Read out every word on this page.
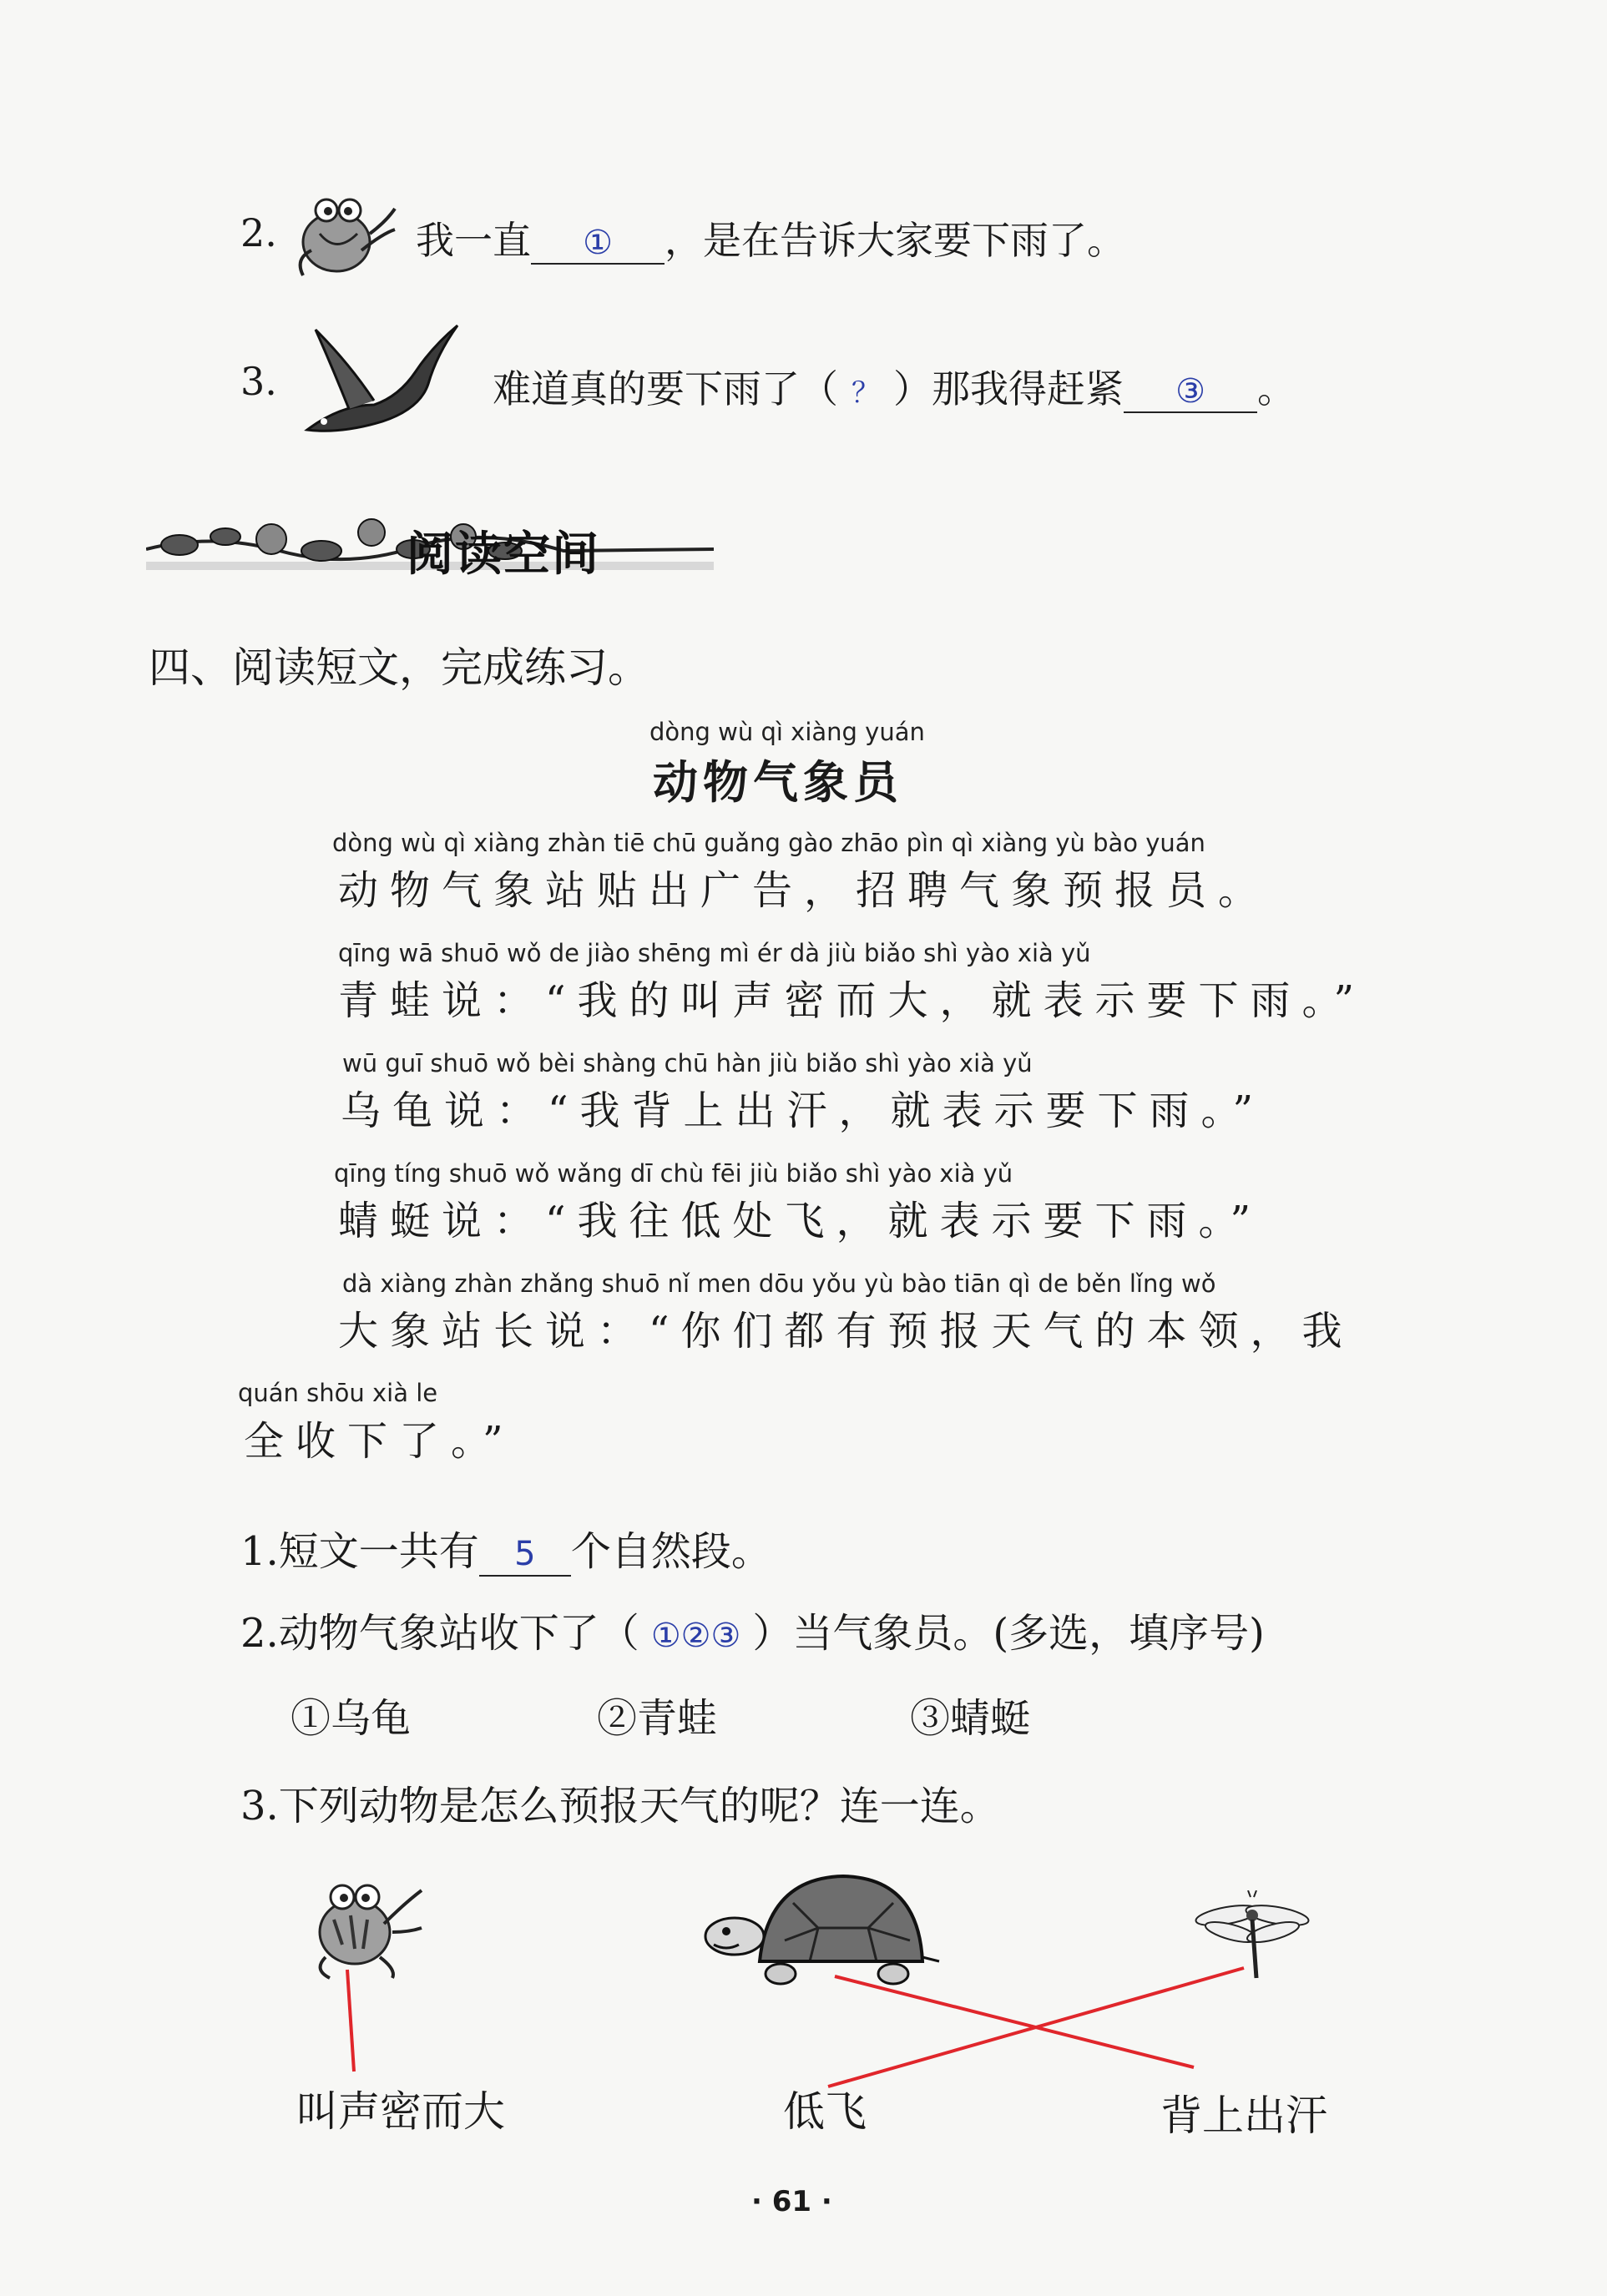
2.	我一直 ① ，是在告诉大家要下雨了。
3.	难道真的要下雨了（ ？ ）那我得赶紧 ③ 。
阅读空间
四、阅读短文，完成练习。
dòng wù qì xiàng yuán
动物气象员
dòng wù qì xiàng zhàn tiē chū guǎng gào zhāo pìn qì xiàng yù bào yuán
动物气象站贴出广告，招聘气象预报员。
qīng wā shuō wǒ de jiào shēng mì ér dà jiù biǎo shì yào xià yǔ
青蛙说：“我的叫声密而大，就表示要下雨。”
wū guī shuō wǒ bèi shàng chū hàn jiù biǎo shì yào xià yǔ
乌龟说：“我背上出汗，就表示要下雨。”
qīng tíng shuō wǒ wǎng dī chù fēi jiù biǎo shì yào xià yǔ
蜻蜓说：“我往低处飞，就表示要下雨。”
dà xiàng zhàn zhǎng shuō nǐ men dōu yǒu yù bào tiān qì de běn lǐng wǒ
大象站长说：“你们都有预报天气的本领，我
quán shōu xià le
全收下了。”
1.短文一共有 5 个自然段。
2.动物气象站收下了（ ①②③ ）当气象员。(多选，填序号)
①乌龟	②青蛙	③蜻蜓
3.下列动物是怎么预报天气的呢？连一连。
叫声密而大	低飞	背上出汗
· 61 ·
